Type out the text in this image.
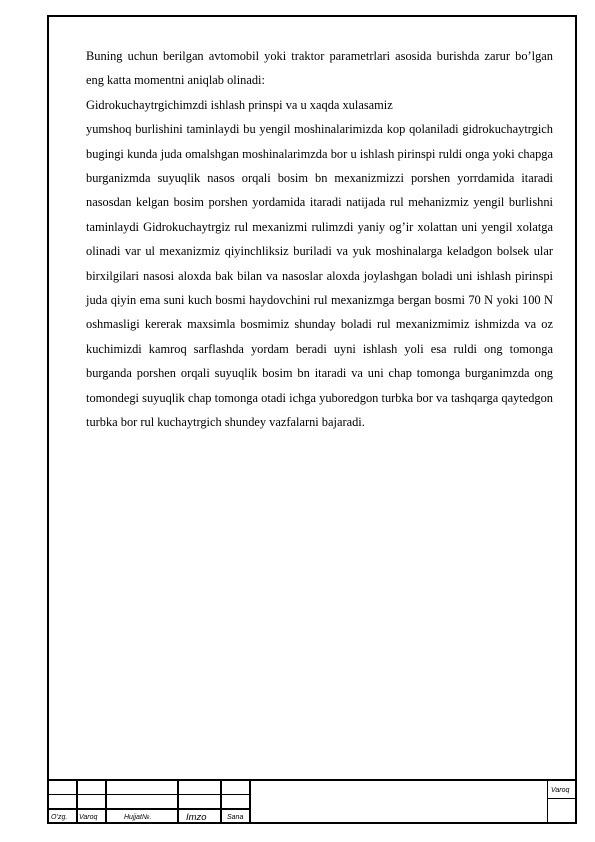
Buning uchun berilgan avtomobil yoki traktor parametrlari asosida burishda zarur bo’lgan eng katta momentni aniqlab olinadi:

Gidrokuchaytrgichimzdi ishlash prinspi va u xaqda xulasamiz

yumshoq burlishini taminlaydi bu yengil moshinalarimizda kop qolaniladi gidrokuchaytrgich bugingi kunda juda omalshgan moshinalarimzda bor u ishlash pirinspi ruldi onga yoki chapga burganizmda suyuqlik nasos orqali bosim bn mexanizmizzi porshen yorrdamida itaradi nasosdan kelgan bosim porshen yordamida itaradi natijada rul mehanizmiz yengil burlishni taminlaydi Gidrokuchaytrgiz rul mexanizmi rulimzdi yaniy og’ir xolattan uni yengil xolatga olinadi var ul mexanizmiz qiyinchliksiz buriladi va yuk moshinalarga keladgon bolsek ular birxilgilari nasosi aloxda bak bilan va nasoslar aloxda joylashgan boladi uni ishlash pirinspi juda qiyin ema suni kuch bosmi haydovchini rul mexanizmga bergan bosmi 70 N yoki 100 N oshmasligi kererak maxsimla bosmimiz shunday boladi rul mexanizmimiz ishmizda va oz kuchimizdi kamroq sarflashda yordam beradi uyni ishlash yoli esa ruldi ong tomonga burganda porshen orqali suyuqlik bosim bn itaradi va uni chap tomonga burganimzda ong tomondegi suyuqlik chap tomonga otadi ichga yuboredgon turbka bor va tashqarga qaytedgon turbka bor rul kuchaytrgich shundey vazfalarni bajaradi.

O’zg. Varoq	Hujjat№.	Imzo	Sana
Varoq
